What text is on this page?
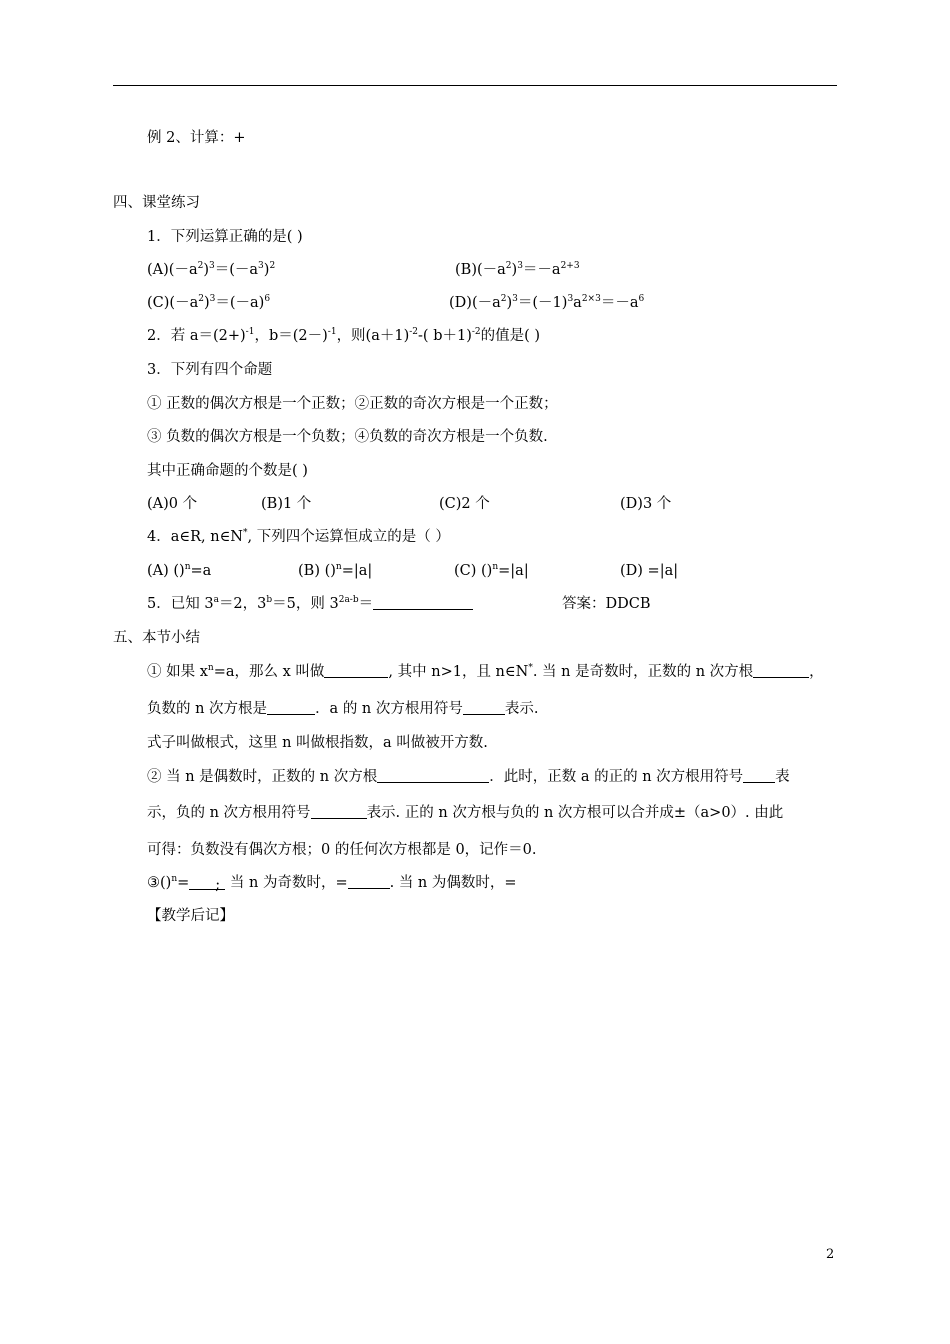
例 2、计算：+
四、课堂练习
1．下列运算正确的是( )
$(A)(-a^2)^3=(-a^3)^2$	$(B)(-a^2)^3=-a^{2+3}$
$(C)(-a^2)^3=(-a)^6$	$(D)(-a^2)^3=(-1)^3a^{2\times 3}=-a^6$
2．若 $a=(2+)^{-1}$，$b=(2-)^{-1}$，则$(a+1)^{-2}-$( b＋1)$^{-2}$的值是( )
3．下列有四个命题
① 正数的偶次方根是一个正数；②正数的奇次方根是一个正数；
③ 负数的偶次方根是一个负数；④负数的奇次方根是一个负数.
其中正确命题的个数是( )
(A)0 个	(B)1 个	(C)2 个	(D)3 个
4．a∈R, n∈N*, 下列四个运算恒成立的是（ ）
(A) ()$^n$=a	(B) ()$^n$=|a|	(C) ()$^n$=|a|	(D) =|a|
5．已知 $3^a=2$，$3^b=5$，则 $3^{2a-b}=$	答案：DDCB
五、本节小结
① 如果 $x^n=a$，那么 x 叫做	, 其中 n>1，且 n∈N*. 当 n 是奇数时，正数的 n 次方根	，
负数的 n 次方根是	．a 的 n 次方根用符号	表示.
式子叫做根式，这里 n 叫做根指数，a 叫做被开方数.
② 当 n 是偶数时，正数的 n 次方根	．此时，正数 a 的正的 n 次方根用符号 表
示，负的 n 次方根用符号	表示. 正的 n 次方根与负的 n 次方根可以合并成±（a>0）. 由此
可得：负数没有偶次方根；0 的任何次方根都是 0，记作＝0.
③()$^n$= ; 当 n 为奇数时，=	. 当 n 为偶数时，=
【教学后记】
2
